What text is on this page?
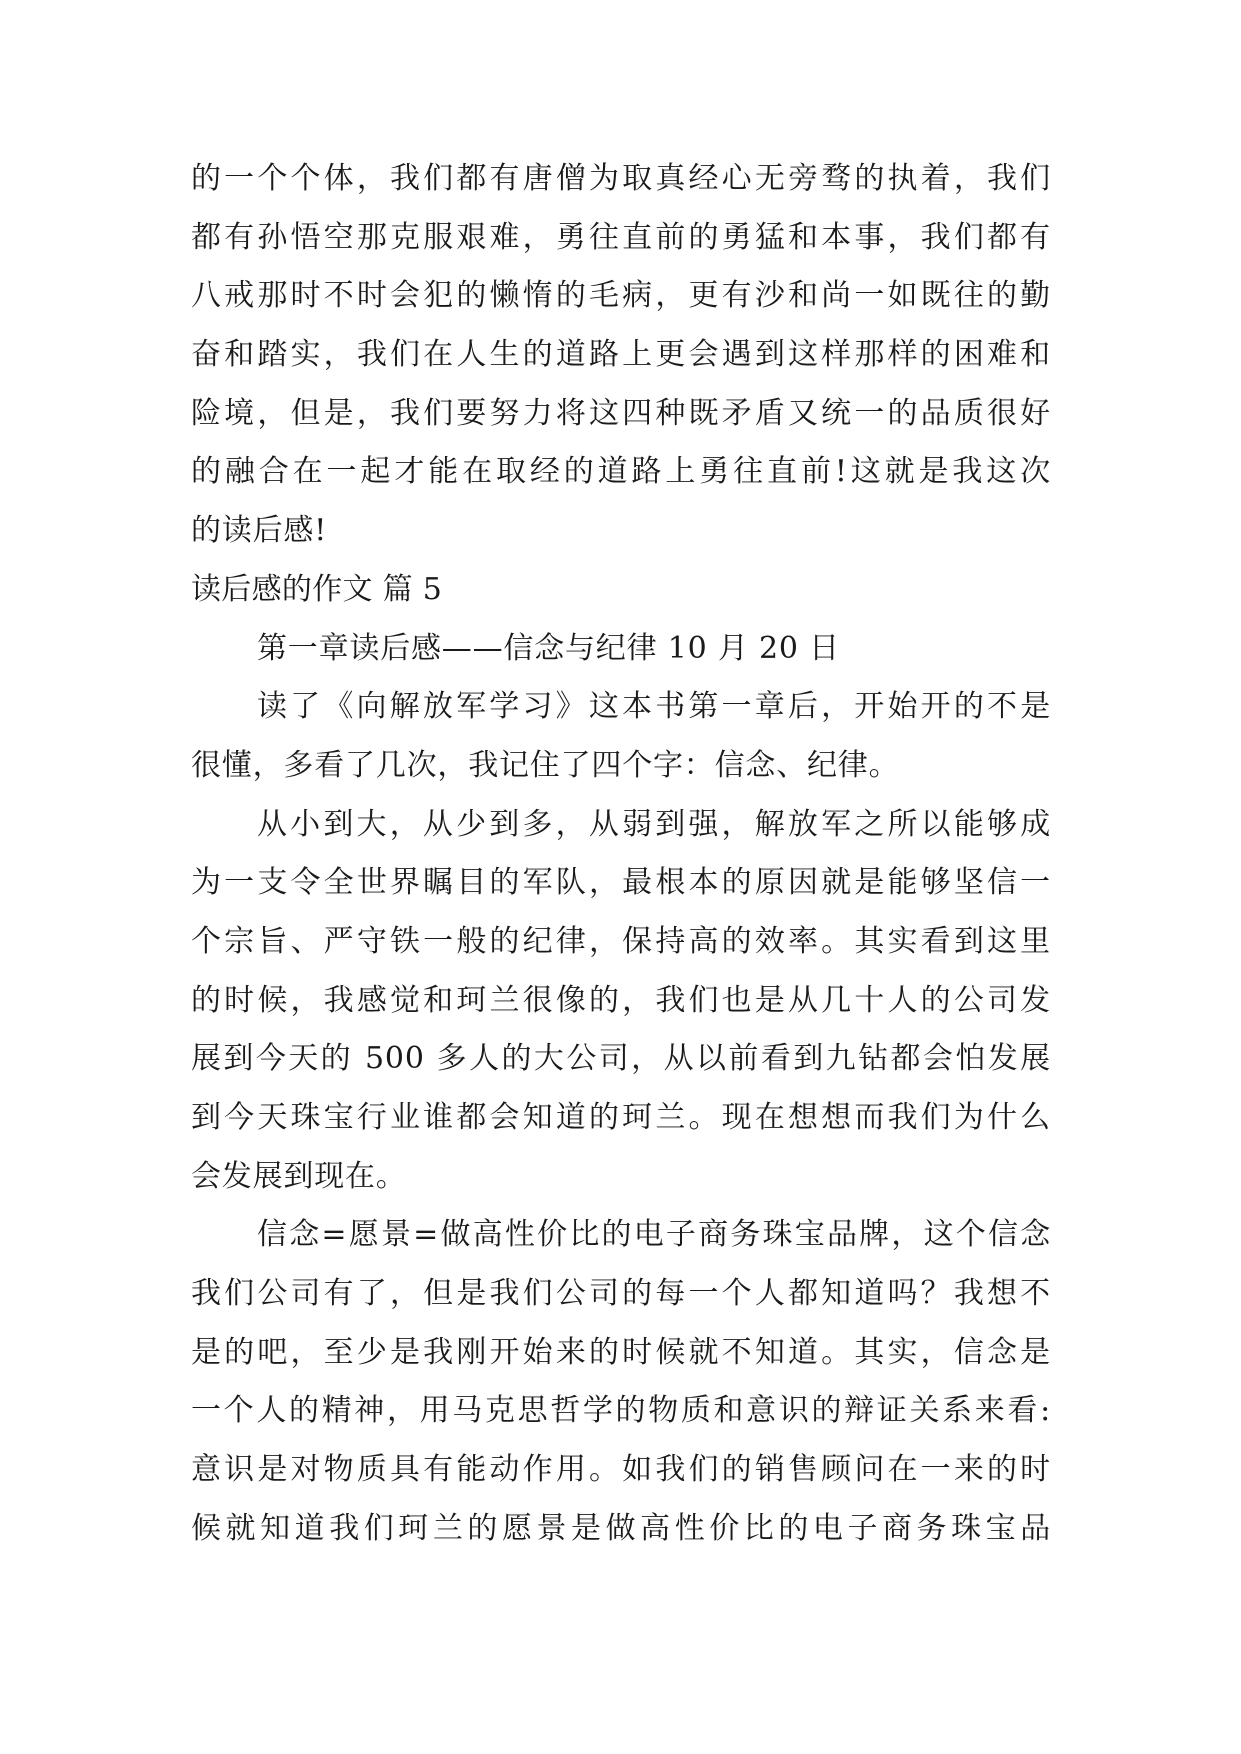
的一个个体，我们都有唐僧为取真经心无旁骛的执着，我们
都有孙悟空那克服艰难，勇往直前的勇猛和本事，我们都有
八戒那时不时会犯的懒惰的毛病，更有沙和尚一如既往的勤
奋和踏实，我们在人生的道路上更会遇到这样那样的困难和
险境，但是，我们要努力将这四种既矛盾又统一的品质很好
的融合在一起才能在取经的道路上勇往直前!这就是我这次
的读后感!

读后感的作文 篇 5

第一章读后感——信念与纪律 10 月 20 日

读了《向解放军学习》这本书第一章后，开始开的不是
很懂，多看了几次，我记住了四个字：信念、纪律。

从小到大，从少到多，从弱到强，解放军之所以能够成
为一支令全世界瞩目的军队，最根本的原因就是能够坚信一
个宗旨、严守铁一般的纪律，保持高的效率。其实看到这里
的时候，我感觉和珂兰很像的，我们也是从几十人的公司发
展到今天的 500 多人的大公司，从以前看到九钻都会怕发展
到今天珠宝行业谁都会知道的珂兰。现在想想而我们为什么
会发展到现在。

信念=愿景=做高性价比的电子商务珠宝品牌，这个信念
我们公司有了，但是我们公司的每一个人都知道吗？我想不
是的吧，至少是我刚开始来的时候就不知道。其实，信念是
一个人的精神，用马克思哲学的物质和意识的辩证关系来看:
意识是对物质具有能动作用。如我们的销售顾问在一来的时
候就知道我们珂兰的愿景是做高性价比的电子商务珠宝品
